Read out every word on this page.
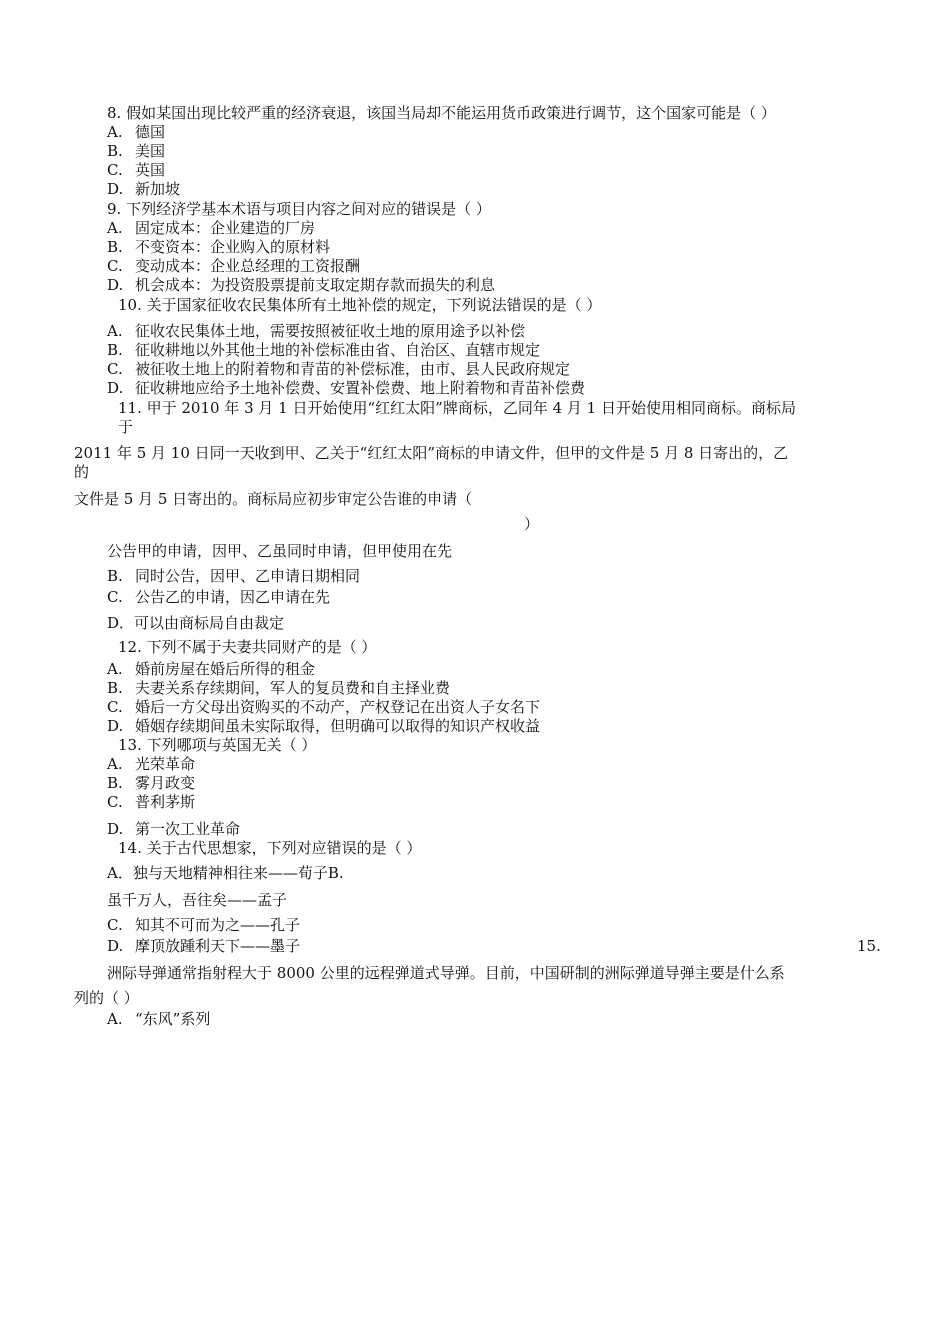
8. 假如某国出现比较严重的经济衰退，该国当局却不能运用货币政策进行调节，这个国家可能是（ ）
A. 德国
B. 美国
C. 英国
D. 新加坡
9. 下列经济学基本术语与项目内容之间对应的错误是（ ）
A. 固定成本：企业建造的厂房
B. 不变资本：企业购入的原材料
C. 变动成本：企业总经理的工资报酬
D. 机会成本：为投资股票提前支取定期存款而损失的利息
10. 关于国家征收农民集体所有土地补偿的规定，下列说法错误的是（ ）
A. 征收农民集体土地，需要按照被征收土地的原用途予以补偿
B. 征收耕地以外其他土地的补偿标准由省、自治区、直辖市规定
C. 被征收土地上的附着物和青苗的补偿标准，由市、县人民政府规定
D. 征收耕地应给予土地补偿费、安置补偿费、地上附着物和青苗补偿费
11. 甲于 2010 年 3 月 1 日开始使用“红红太阳”牌商标，乙同年 4 月 1 日开始使用相同商标。商标局
于
2011 年 5 月 10 日同一天收到甲、乙关于“红红太阳”商标的申请文件，但甲的文件是 5 月 8 日寄出的，乙
的
文件是 5 月 5 日寄出的。商标局应初步审定公告谁的申请（
）
公告甲的申请，因甲、乙虽同时申请，但甲使用在先
B. 同时公告，因甲、乙申请日期相同
C. 公告乙的申请，因乙申请在先
D．可以由商标局自由裁定
12. 下列不属于夫妻共同财产的是（ ）
A. 婚前房屋在婚后所得的租金
B. 夫妻关系存续期间，军人的复员费和自主择业费
C. 婚后一方父母出资购买的不动产，产权登记在出资人子女名下
D. 婚姻存续期间虽未实际取得，但明确可以取得的知识产权收益
13. 下列哪项与英国无关（ ）
A. 光荣革命
B. 雾月政变
C. 普利茅斯
D. 第一次工业革命
14. 关于古代思想家，下列对应错误的是（ ）
A．独与天地精神相往来——荀子B.
虽千万人，吾往矣——孟子
C. 知其不可而为之——孔子
D. 摩顶放踵利天下——墨子	15.
洲际导弹通常指射程大于 8000 公里的远程弹道式导弹。目前，中国研制的洲际弹道导弹主要是什么系
列的（ ）
A. “东风”系列
